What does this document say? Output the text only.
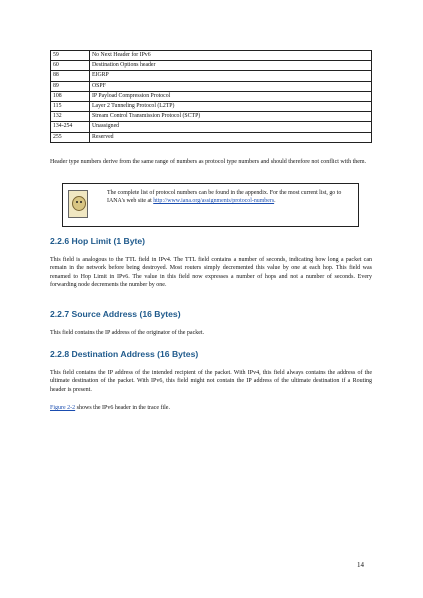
59	No Next Header for IPv6
60	Destination Options header
88	EIGRP
89	OSPF
108	IP Payload Compression Protocol
115	Layer 2 Tunneling Protocol (L2TP)
132	Stream Control Transmission Protocol (SCTP)
134-254	Unassigned
255	Reserved

Header type numbers derive from the same range of numbers as protocol type numbers and should therefore not conflict with them.

The complete list of protocol numbers can be found in the appendix. For the most current list, go to IANA's web site at http://www.iana.org/assignments/protocol-numbers.
2.2.6 Hop Limit (1 Byte)

This field is analogous to the TTL field in IPv4. The TTL field contains a number of seconds, indicating how long a packet can remain in the network before being destroyed. Most routers simply decremented this value by one at each hop. This field was renamed to Hop Limit in IPv6. The value in this field now expresses a number of hops and not a number of seconds. Every forwarding node decrements the number by one.

2.2.7 Source Address (16 Bytes)

This field contains the IP address of the originator of the packet.

2.2.8 Destination Address (16 Bytes)

This field contains the IP address of the intended recipient of the packet. With IPv4, this field always contains the address of the ultimate destination of the packet. With IPv6, this field might not contain the IP address of the ultimate destination if a Routing header is present.

Figure 2-2 shows the IPv6 header in the trace file.

14
